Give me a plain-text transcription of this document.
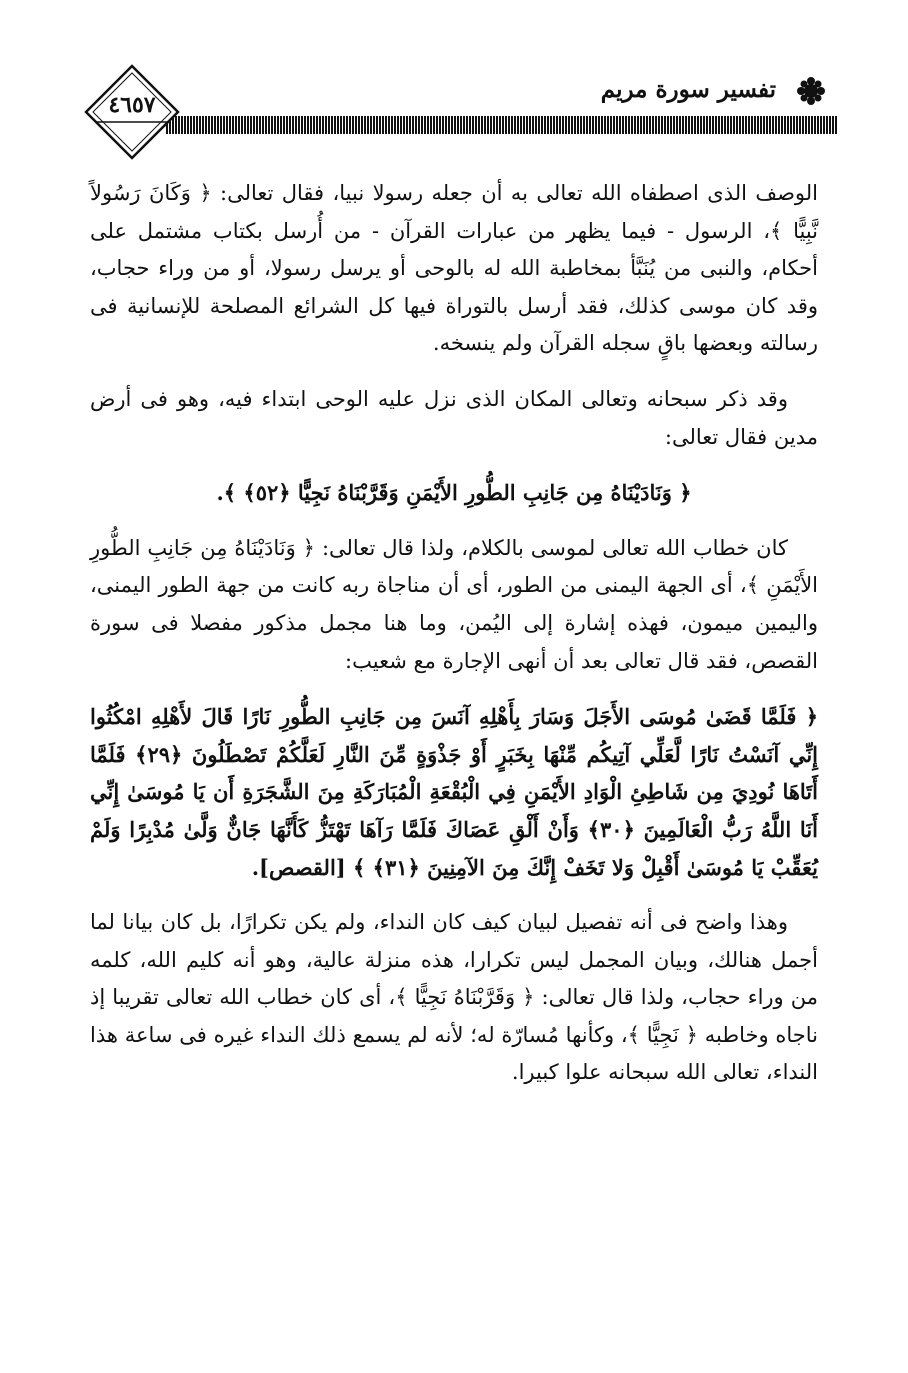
تفسير سورة مريم
٤٦٥٧

الوصف الذى اصطفاه الله تعالى به أن جعله رسولا نبيا، فقال تعالى: ﴿ وَكَانَ رَسُولاً نَّبِيًّا ﴾، الرسول - فيما يظهر من عبارات القرآن - من أُرسل بكتاب مشتمل على أحكام، والنبى من يُنَبَّأ بمخاطبة الله له بالوحى أو يرسل رسولا، أو من وراء حجاب، وقد كان موسى كذلك، فقد أرسل بالتوراة فيها كل الشرائع المصلحة للإنسانية فى رسالته وبعضها باقٍ سجله القرآن ولم ينسخه.

وقد ذكر سبحانه وتعالى المكان الذى نزل عليه الوحى ابتداء فيه، وهو فى أرض مدين فقال تعالى:

﴿ وَنَادَيْنَاهُ مِن جَانِبِ الطُّورِ الأَيْمَنِ وَقَرَّبْنَاهُ نَجِيًّا ﴿٥٢﴾ ﴾.

كان خطاب الله تعالى لموسى بالكلام، ولذا قال تعالى: ﴿ وَنَادَيْنَاهُ مِن جَانِبِ الطُّورِ الأَيْمَنِ ﴾، أى الجهة اليمنى من الطور، أى أن مناجاة ربه كانت من جهة الطور اليمنى، واليمين ميمون، فهذه إشارة إلى اليُمن، وما هنا مجمل مذكور مفصلا فى سورة القصص، فقد قال تعالى بعد أن أنهى الإجارة مع شعيب:

﴿ فَلَمَّا قَضَىٰ مُوسَى الأَجَلَ وَسَارَ بِأَهْلِهِ آنَسَ مِن جَانِبِ الطُّورِ نَارًا قَالَ لأَهْلِهِ امْكُثُوا إِنِّي آنَسْتُ نَارًا لَّعَلِّي آتِيكُم مِّنْهَا بِخَبَرٍ أَوْ جَذْوَةٍ مِّنَ النَّارِ لَعَلَّكُمْ تَصْطَلُونَ ﴿٢٩﴾ فَلَمَّا أَتَاهَا نُودِيَ مِن شَاطِئِ الْوَادِ الأَيْمَنِ فِي الْبُقْعَةِ الْمُبَارَكَةِ مِنَ الشَّجَرَةِ أَن يَا مُوسَىٰ إِنِّي أَنَا اللَّهُ رَبُّ الْعَالَمِينَ ﴿٣٠﴾ وَأَنْ أَلْقِ عَصَاكَ فَلَمَّا رَآهَا تَهْتَزُّ كَأَنَّهَا جَانٌّ وَلَّىٰ مُدْبِرًا وَلَمْ يُعَقِّبْ يَا مُوسَىٰ أَقْبِلْ وَلا تَخَفْ إِنَّكَ مِنَ الآمِنِينَ ﴿٣١﴾ ﴾ [القصص].

وهذا واضح فى أنه تفصيل لبيان كيف كان النداء، ولم يكن تكرارًا، بل كان بيانا لما أجمل هنالك، وبيان المجمل ليس تكرارا، هذه منزلة عالية، وهو أنه كليم الله، كلمه من وراء حجاب، ولذا قال تعالى: ﴿ وَقَرَّبْنَاهُ نَجِيًّا ﴾، أى كان خطاب الله تعالى تقريبا إذ ناجاه وخاطبه ﴿ نَجِيًّا ﴾، وكأنها مُسارّة له؛ لأنه لم يسمع ذلك النداء غيره فى ساعة هذا النداء، تعالى الله سبحانه علوا كبيرا.
